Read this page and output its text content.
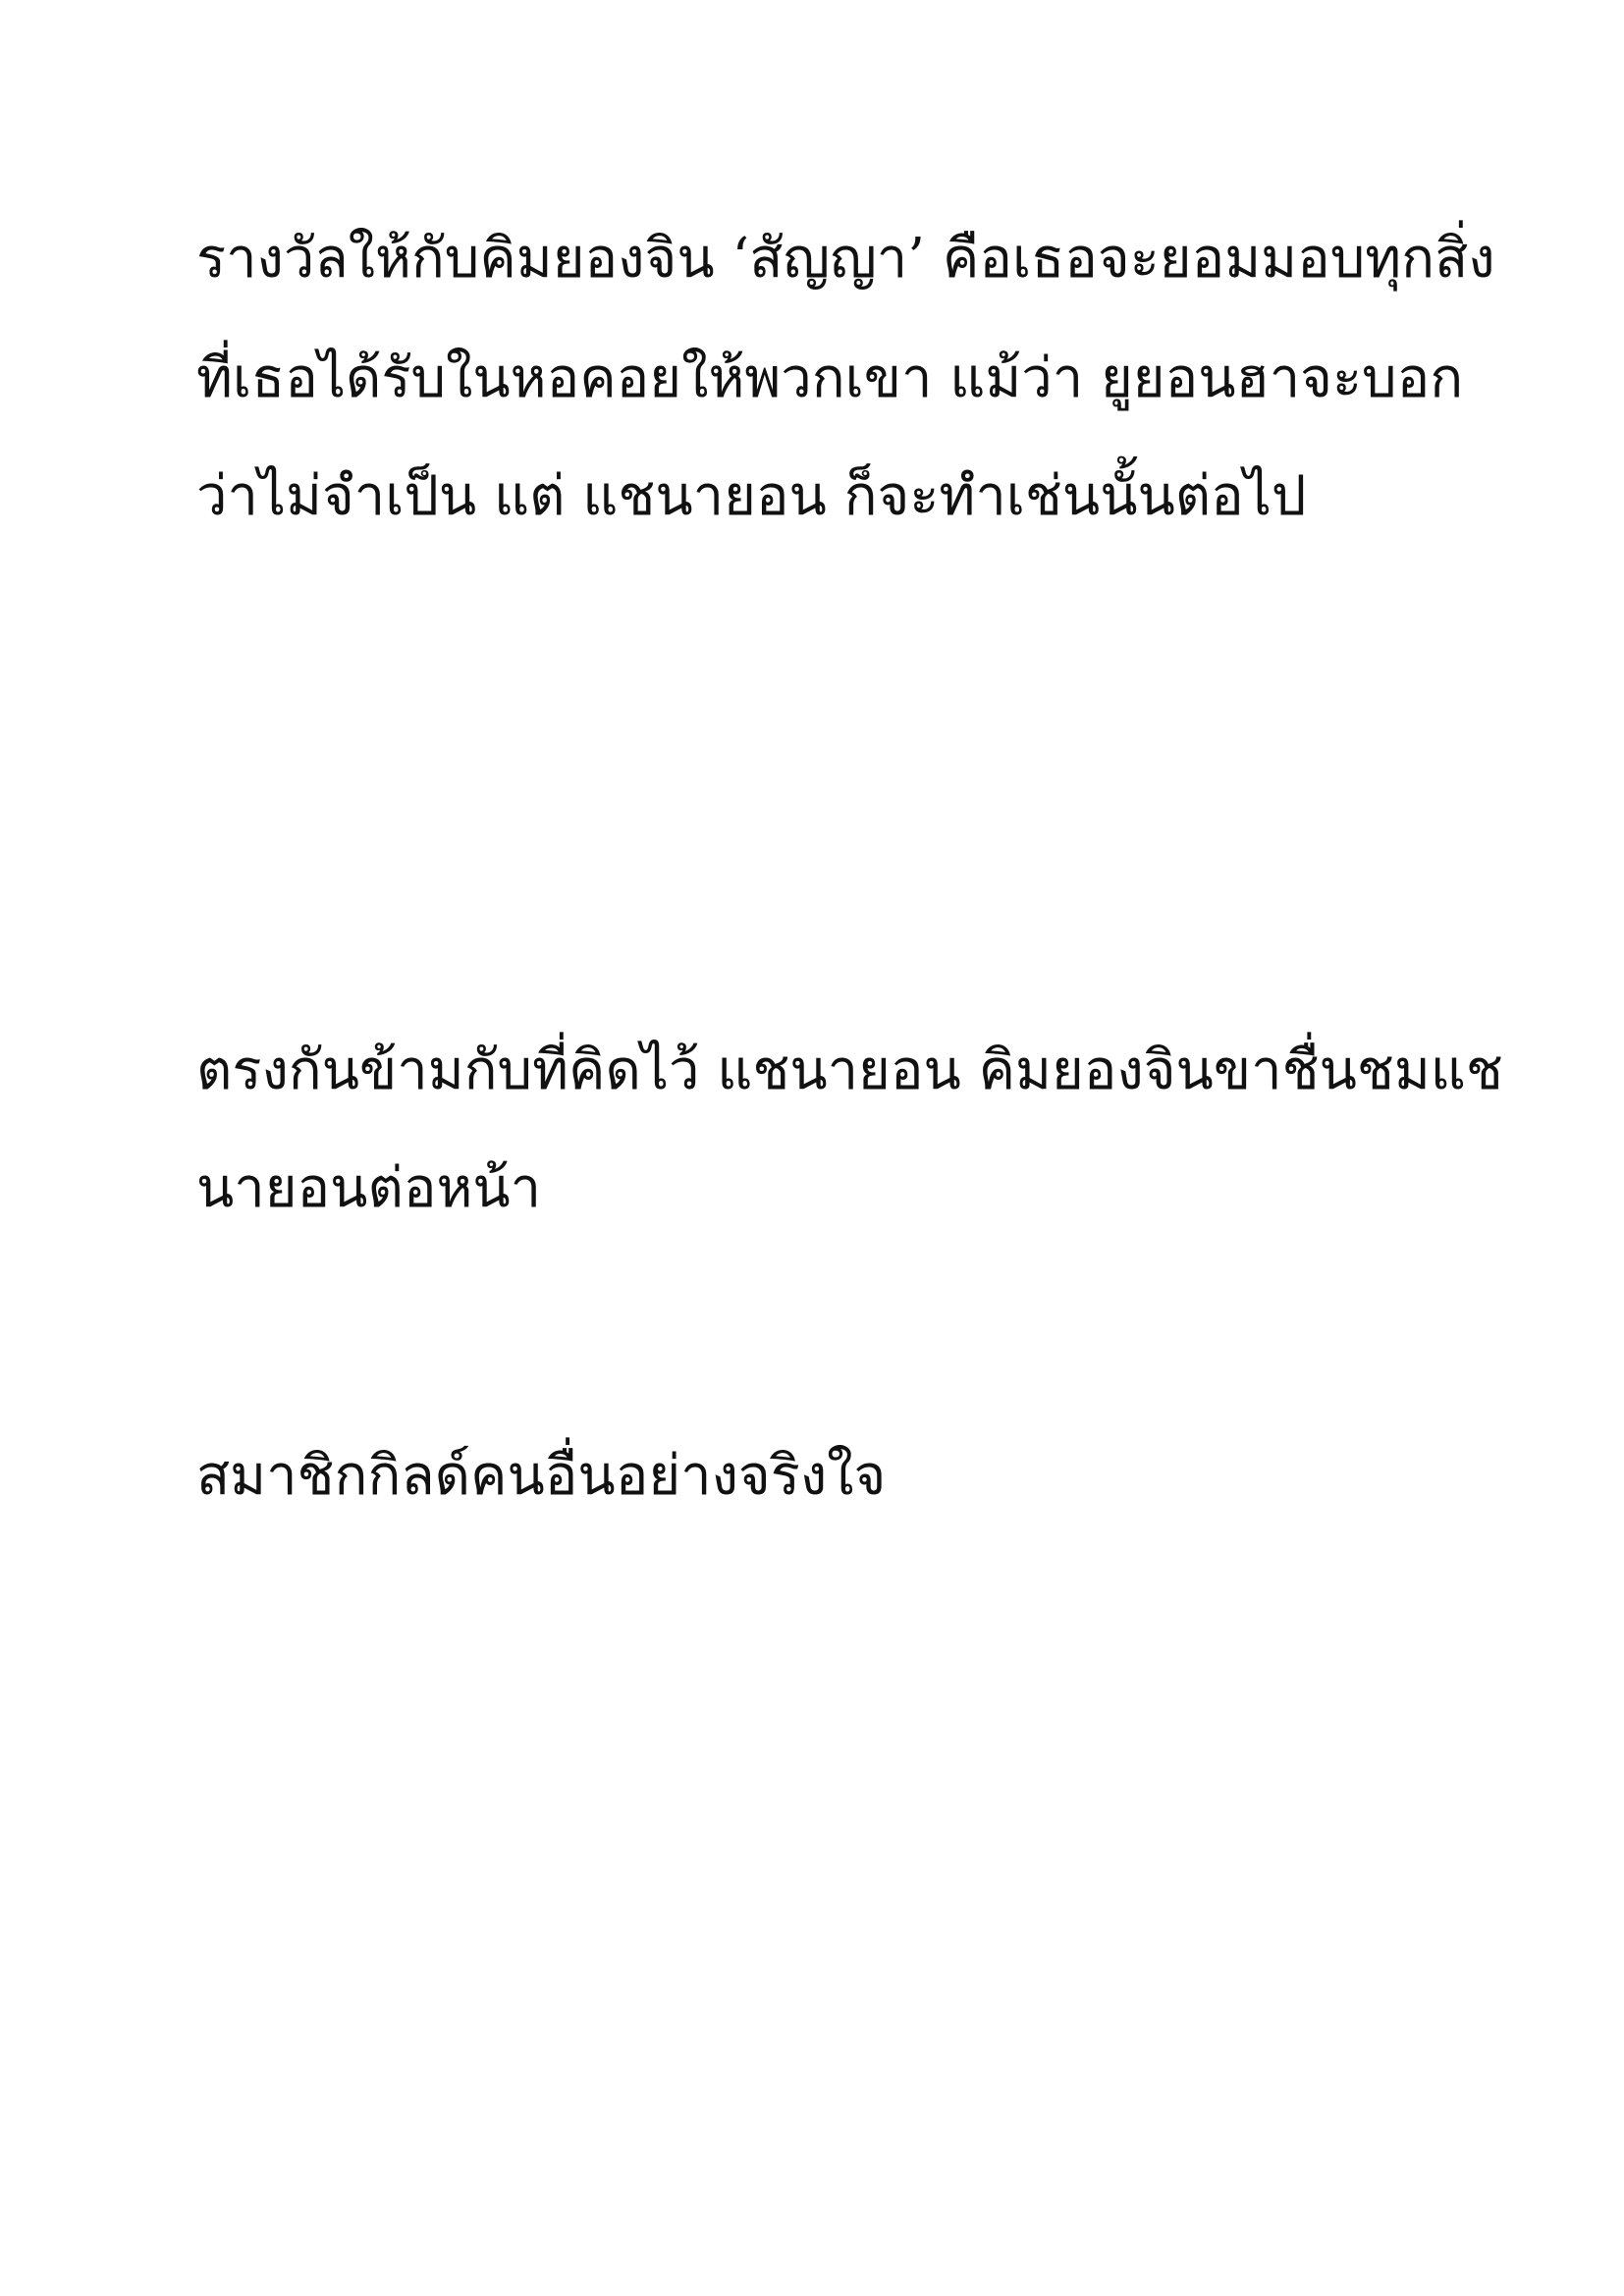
รางวัลให้กับคิมยองจิน ‘สัญญา’ คือเธอจะยอมมอบทุกสิ่ง

ที่เธอได้รับในหอคอยให้พวกเขา แม้ว่า ยูยอนฮาจะบอก

ว่าไม่จำเป็น แต่ แชนายอน ก็จะทำเช่นนั้นต่อไป

ตรงกันข้ามกับที่คิดไว้ แชนายอน คิมยองจินขาชื่นชมแช

นายอนต่อหน้า

สมาชิกกิลด์คนอื่นอย่างจริงใจ
